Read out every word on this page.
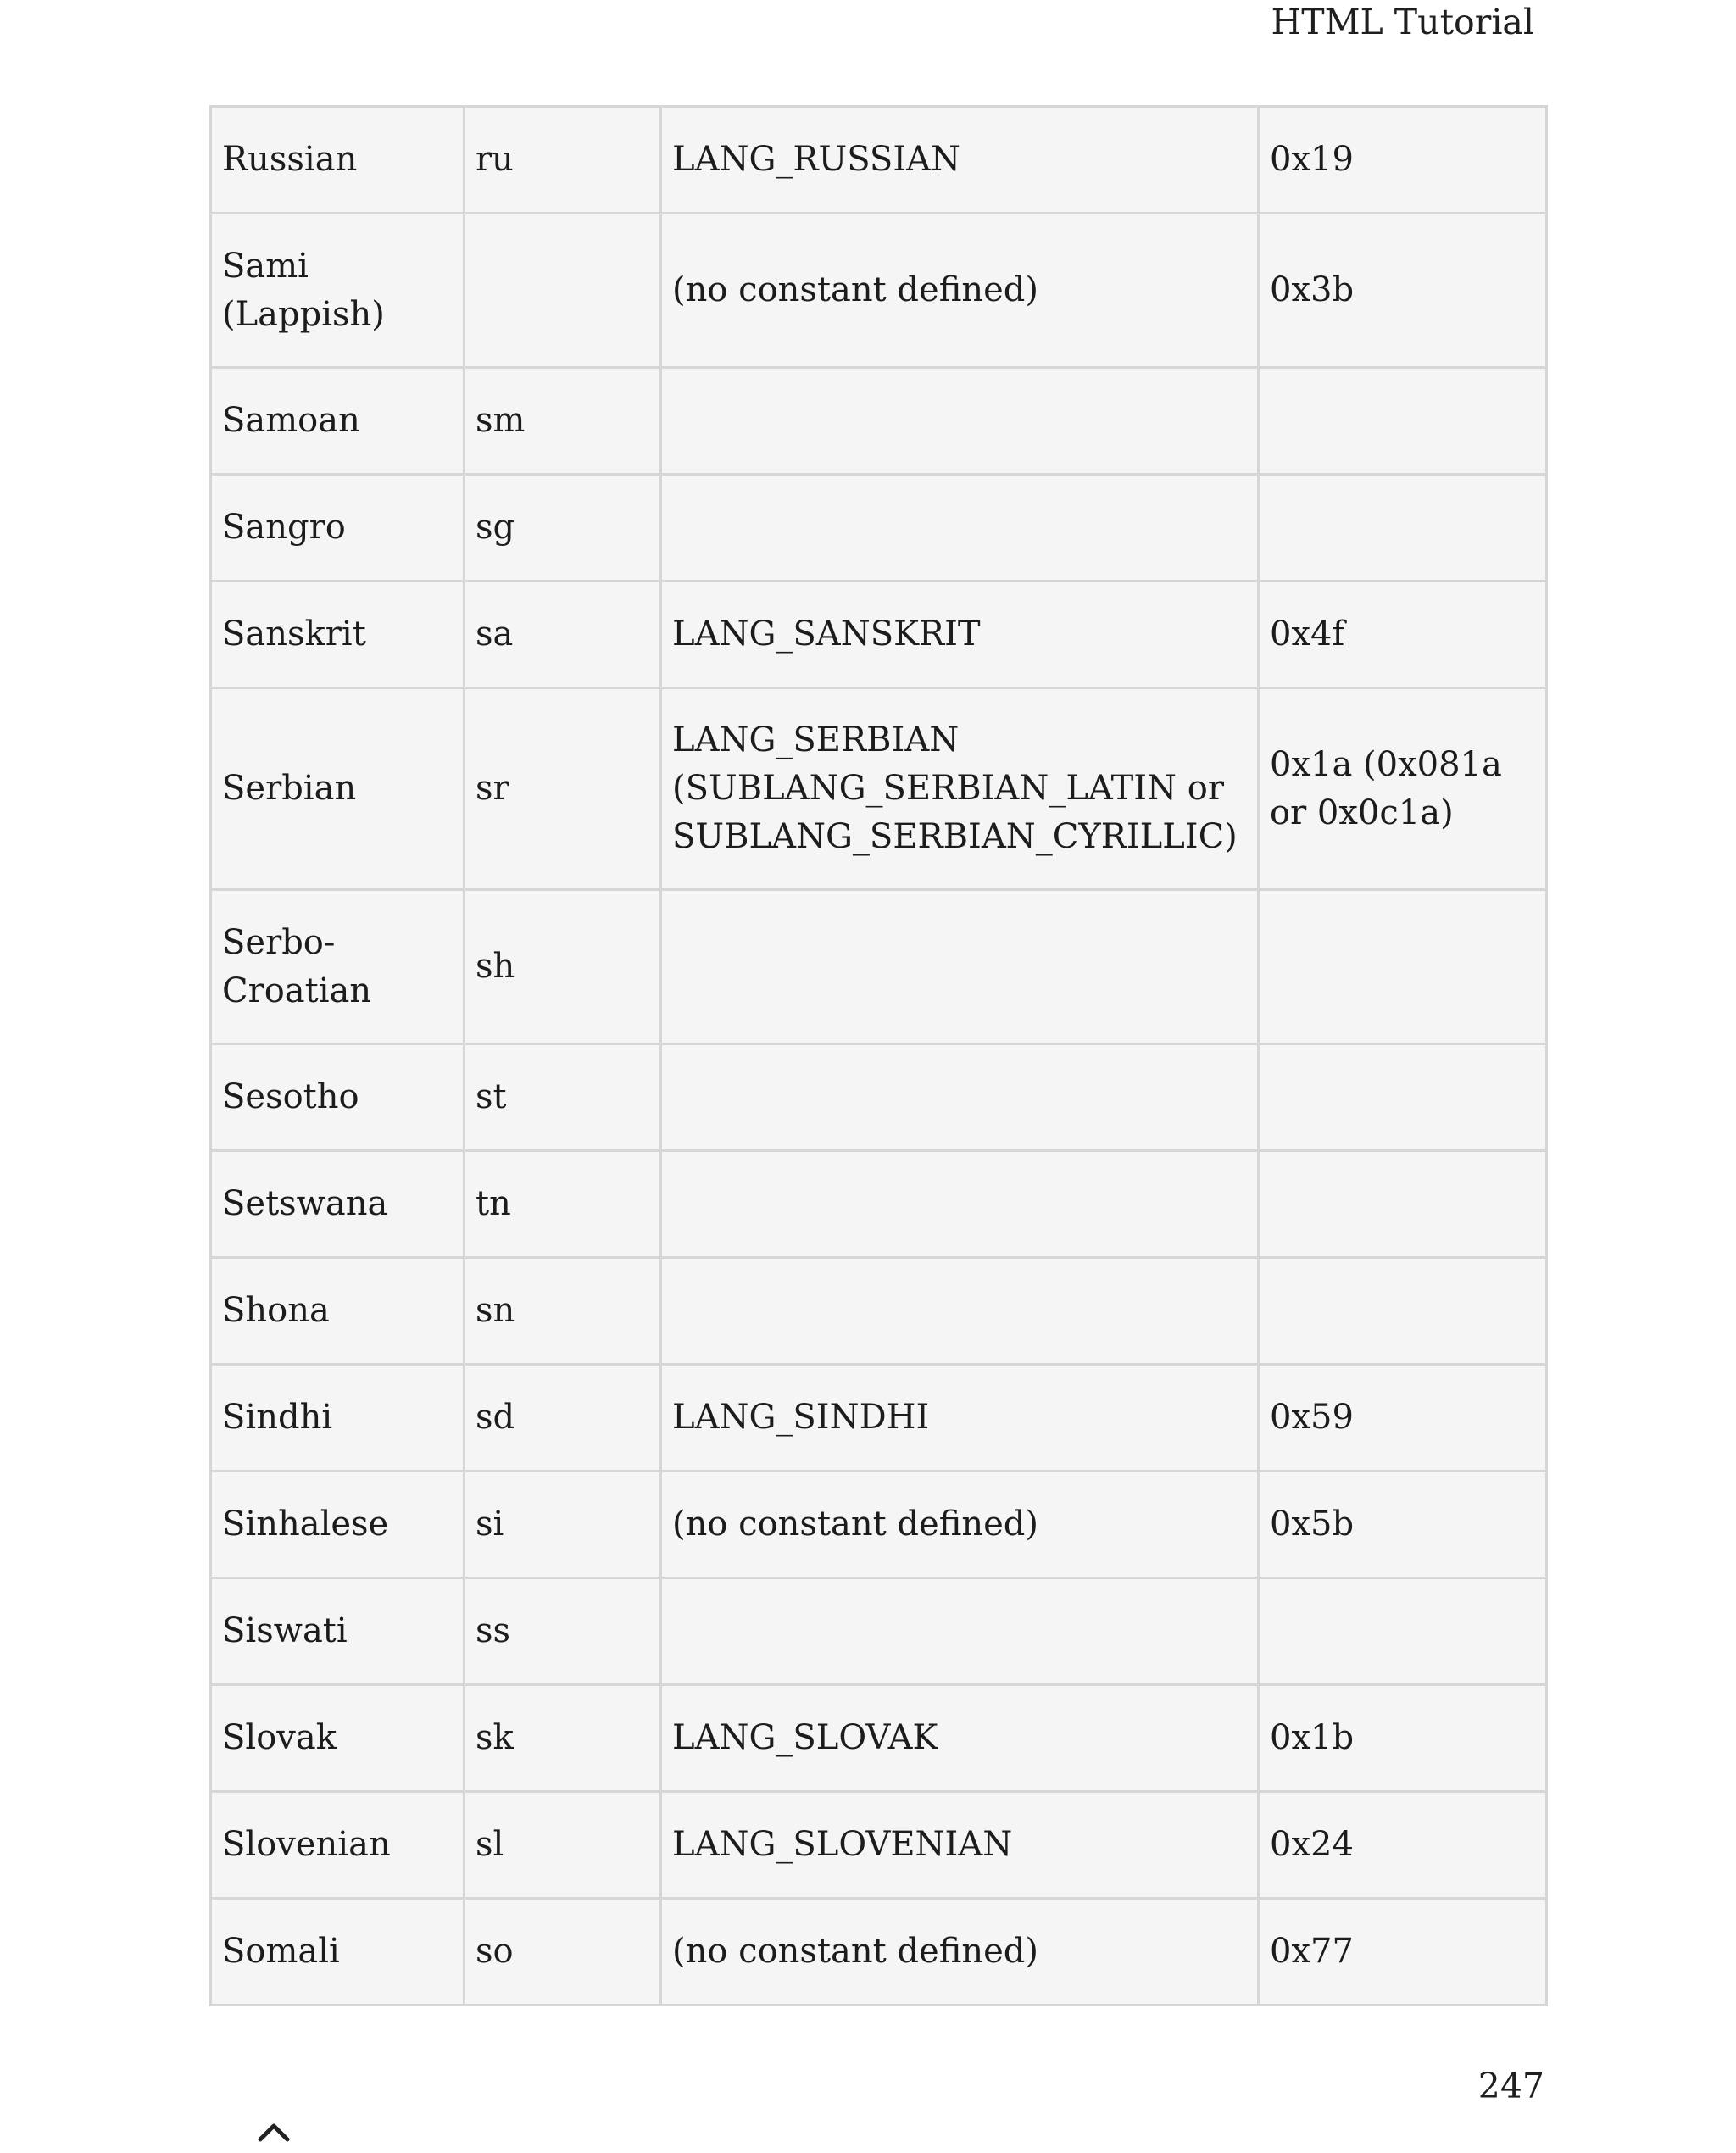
HTML Tutorial
Russian	ru	LANG_RUSSIAN	0x19
Sami (Lappish)		(no constant defined)	0x3b
Samoan	sm		
Sangro	sg		
Sanskrit	sa	LANG_SANSKRIT	0x4f
Serbian	sr	LANG_SERBIAN (SUBLANG_SERBIAN_LATIN or SUBLANG_SERBIAN_CYRILLIC)	0x1a (0x081a or 0x0c1a)
Serbo-Croatian	sh		
Sesotho	st		
Setswana	tn		
Shona	sn		
Sindhi	sd	LANG_SINDHI	0x59
Sinhalese	si	(no constant defined)	0x5b
Siswati	ss		
Slovak	sk	LANG_SLOVAK	0x1b
Slovenian	sl	LANG_SLOVENIAN	0x24
Somali	so	(no constant defined)	0x77
247
